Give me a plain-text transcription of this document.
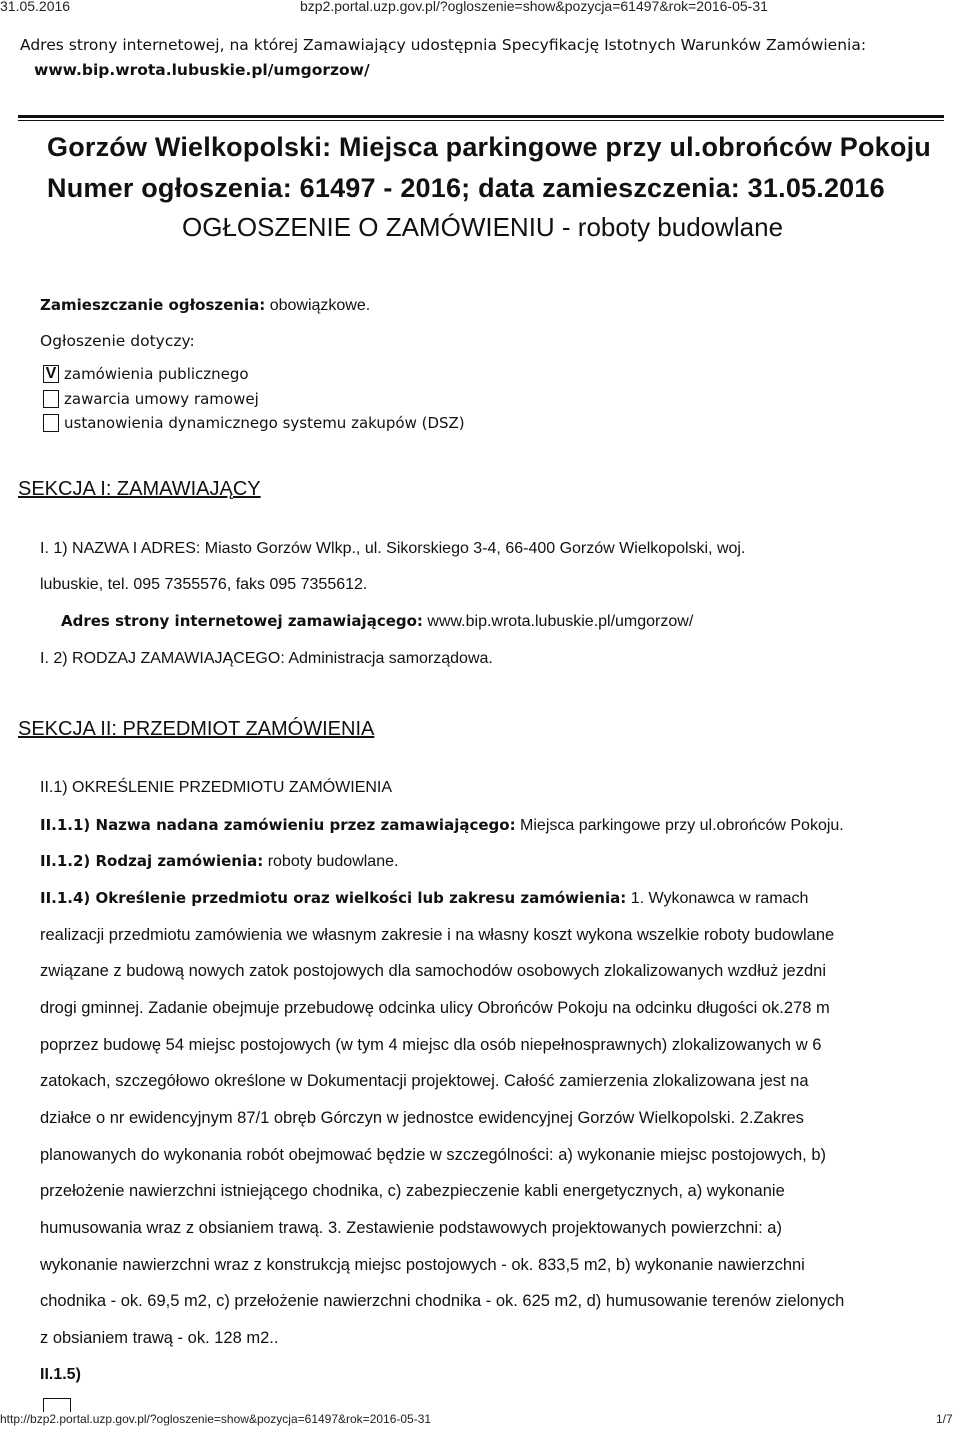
31.05.2016	bzp2.portal.uzp.gov.pl/?ogloszenie=show&pozycja=61497&rok=2016-05-31
Adres strony internetowej, na której Zamawiający udostępnia Specyfikację Istotnych Warunków Zamówienia:
www.bip.wrota.lubuskie.pl/umgorzow/
Gorzów Wielkopolski: Miejsca parkingowe przy ul.obrońców Pokoju
Numer ogłoszenia: 61497 - 2016; data zamieszczenia: 31.05.2016
OGŁOSZENIE O ZAMÓWIENIU - roboty budowlane
Zamieszczanie ogłoszenia: obowiązkowe.
Ogłoszenie dotyczy:
V zamówienia publicznego
zawarcia umowy ramowej
ustanowienia dynamicznego systemu zakupów (DSZ)
SEKCJA I: ZAMAWIAJĄCY
I. 1) NAZWA I ADRES: Miasto Gorzów Wlkp., ul. Sikorskiego 3-4, 66-400 Gorzów Wielkopolski, woj.
lubuskie, tel. 095 7355576, faks 095 7355612.
Adres strony internetowej zamawiającego: www.bip.wrota.lubuskie.pl/umgorzow/
I. 2) RODZAJ ZAMAWIAJĄCEGO: Administracja samorządowa.
SEKCJA II: PRZEDMIOT ZAMÓWIENIA
II.1) OKREŚLENIE PRZEDMIOTU ZAMÓWIENIA
II.1.1) Nazwa nadana zamówieniu przez zamawiającego: Miejsca parkingowe przy ul.obrońców Pokoju.
II.1.2) Rodzaj zamówienia: roboty budowlane.
II.1.4) Określenie przedmiotu oraz wielkości lub zakresu zamówienia: 1. Wykonawca w ramach
realizacji przedmiotu zamówienia we własnym zakresie i na własny koszt wykona wszelkie roboty budowlane
związane z budową nowych zatok postojowych dla samochodów osobowych zlokalizowanych wzdłuż jezdni
drogi gminnej. Zadanie obejmuje przebudowę odcinka ulicy Obrońców Pokoju na odcinku długości ok.278 m
poprzez budowę 54 miejsc postojowych (w tym 4 miejsc dla osób niepełnosprawnych) zlokalizowanych w 6
zatokach, szczegółowo określone w Dokumentacji projektowej. Całość zamierzenia zlokalizowana jest na
działce o nr ewidencyjnym 87/1 obręb Górczyn w jednostce ewidencyjnej Gorzów Wielkopolski. 2.Zakres
planowanych do wykonania robót obejmować będzie w szczególności: a) wykonanie miejsc postojowych, b)
przełożenie nawierzchni istniejącego chodnika, c) zabezpieczenie kabli energetycznych, a) wykonanie
humusowania wraz z obsianiem trawą. 3. Zestawienie podstawowych projektowanych powierzchni: a)
wykonanie nawierzchni wraz z konstrukcją miejsc postojowych - ok. 833,5 m2, b) wykonanie nawierzchni
chodnika - ok. 69,5 m2, c) przełożenie nawierzchni chodnika - ok. 625 m2, d) humusowanie terenów zielonych
z obsianiem trawą - ok. 128 m2..
II.1.5)
http://bzp2.portal.uzp.gov.pl/?ogloszenie=show&pozycja=61497&rok=2016-05-31	1/7
